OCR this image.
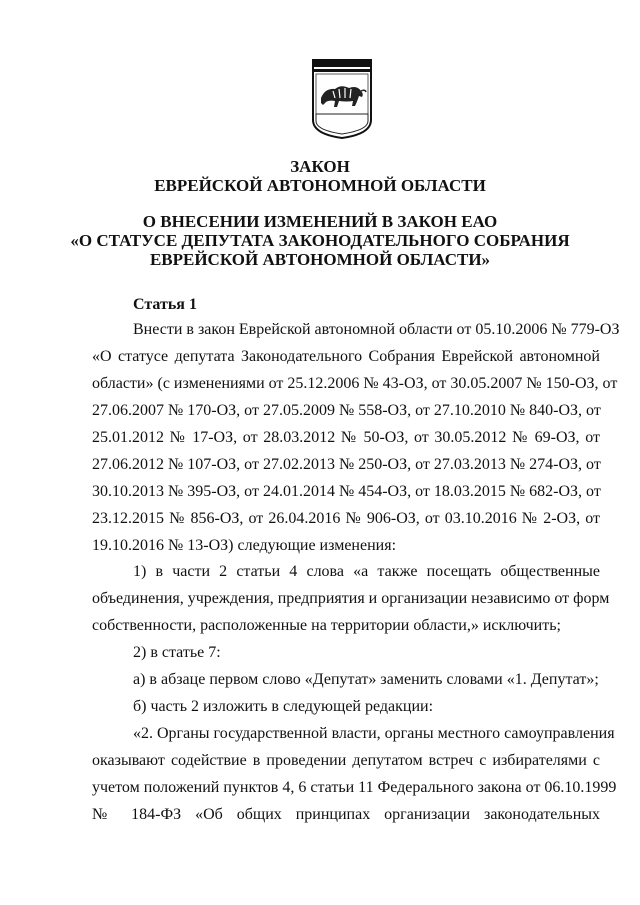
ЗАКОН
ЕВРЕЙСКОЙ АВТОНОМНОЙ ОБЛАСТИ
О ВНЕСЕНИИ ИЗМЕНЕНИЙ В ЗАКОН ЕАО
«О СТАТУСЕ ДЕПУТАТА ЗАКОНОДАТЕЛЬНОГО СОБРАНИЯ
ЕВРЕЙСКОЙ АВТОНОМНОЙ ОБЛАСТИ»
Статья 1
Внести в закон Еврейской автономной области от 05.10.2006 № 779-ОЗ
«О статусе депутата Законодательного Собрания Еврейской автономной
области» (с изменениями от 25.12.2006 № 43-ОЗ, от 30.05.2007 № 150-ОЗ, от
27.06.2007 № 170-ОЗ, от 27.05.2009 № 558-ОЗ, от 27.10.2010 № 840-ОЗ, от
25.01.2012 № 17-ОЗ, от 28.03.2012 № 50-ОЗ, от 30.05.2012 № 69-ОЗ, от
27.06.2012 № 107-ОЗ, от 27.02.2013 № 250-ОЗ, от 27.03.2013 № 274-ОЗ, от
30.10.2013 № 395-ОЗ, от 24.01.2014 № 454-ОЗ, от 18.03.2015 № 682-ОЗ, от
23.12.2015 № 856-ОЗ, от 26.04.2016 № 906-ОЗ, от 03.10.2016 № 2-ОЗ, от
19.10.2016 № 13-ОЗ) следующие изменения:
1) в части 2 статьи 4 слова «а также посещать общественные
объединения, учреждения, предприятия и организации независимо от форм
собственности, расположенные на территории области,» исключить;
2) в статье 7:
а) в абзаце первом слово «Депутат» заменить словами «1. Депутат»;
б) часть 2 изложить в следующей редакции:
«2. Органы государственной власти, органы местного самоуправления
оказывают содействие в проведении депутатом встреч с избирателями с
учетом положений пунктов 4, 6 статьи 11 Федерального закона от 06.10.1999
№ 184-ФЗ «Об общих принципах организации законодательных
